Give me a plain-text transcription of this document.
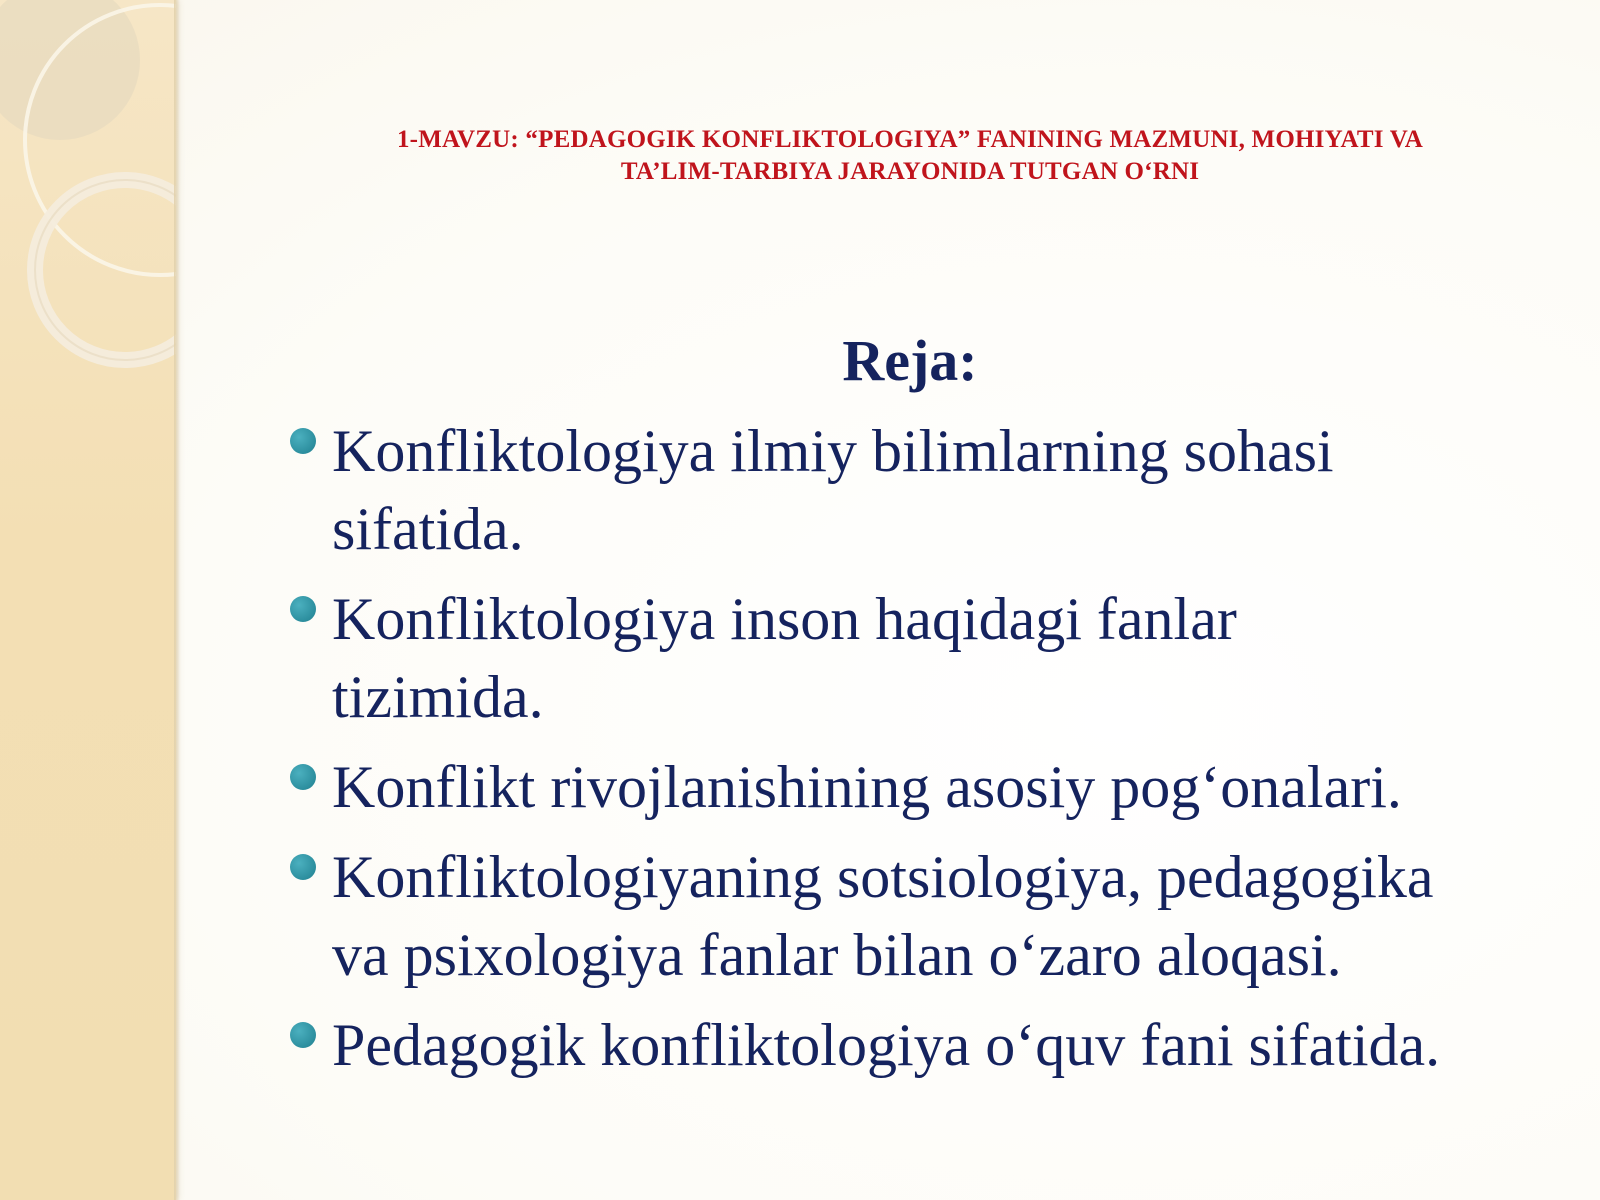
1-MAVZU: “PEDAGOGIK KONFLIKTOLOGIYA” FANINING MAZMUNI, MOHIYATI VA
TA’LIM-TARBIYA JARAYONIDA TUTGAN O‘RNI
Reja:
Konfliktologiya ilmiy bilimlarning sohasi
sifatida.
Konfliktologiya inson haqidagi fanlar
tizimida.
Konflikt rivojlanishining asosiy pog‘onalari.
Konfliktologiyaning sotsiologiya, pedagogika
va psixologiya fanlar bilan o‘zaro aloqasi.
Pedagogik konfliktologiya o‘quv fani sifatida.
